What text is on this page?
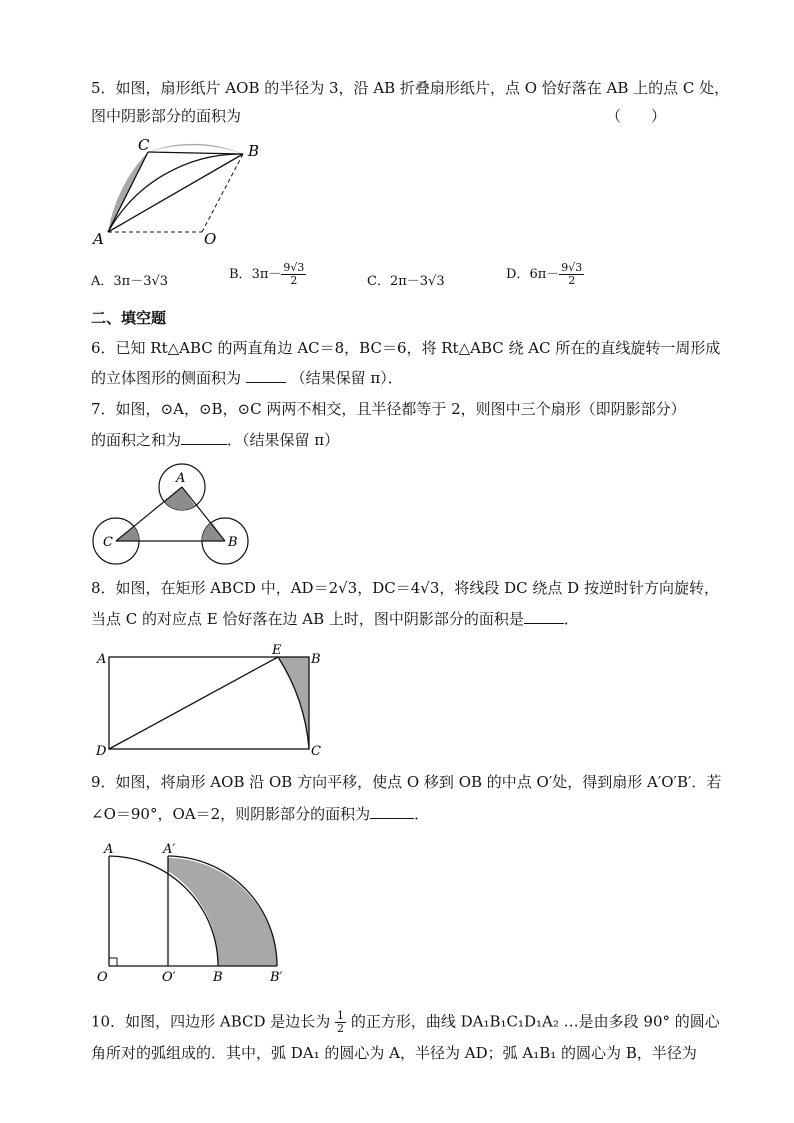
5．如图，扇形纸片 AOB 的半径为 3，沿 AB 折叠扇形纸片，点 O 恰好落在 AB 上的点 C 处，
图中阴影部分的面积为	（　　）
A	O
B
C
A．3π－3√3	B．$3\pi- \frac{9√3}{2}$	C．2π－3√3	D．$6\pi- \frac{9√3}{2}$
二、填空题
6．已知 Rt△ABC 的两直角边 AC＝8，BC＝6，将 Rt△ABC 绕 AC 所在的直线旋转一周形成
的立体图形的侧面积为	（结果保留 π）．
7．如图，⊙A，⊙B，⊙C 两两不相交，且半径都等于 2，则图中三个扇形（即阴影部分）
的面积之和为	．（结果保留 π）
A
C	B
8．如图，在矩形 ABCD 中，AD＝2√3，DC＝4√3，将线段 DC 绕点 D 按逆时针方向旋转，
当点 C 的对应点 E 恰好落在边 AB 上时，图中阴影部分的面积是	．
A	B
C
D
E
9．如图，将扇形 AOB 沿 OB 方向平移，使点 O 移到 OB 的中点 O′处，得到扇形 A′O′B′．若
∠O＝90°，OA＝2，则阴影部分的面积为	．
A	A′
O	O′	B	B′
10．如图，四边形 ABCD 是边长为 $\frac{1}{2}$ 的正方形，曲线 DA₁B₁C₁D₁A₂ …是由多段 90° 的圆心
角所对的弧组成的．其中，弧 DA₁ 的圆心为 A，半径为 AD；弧 A₁B₁ 的圆心为 B，半径为
